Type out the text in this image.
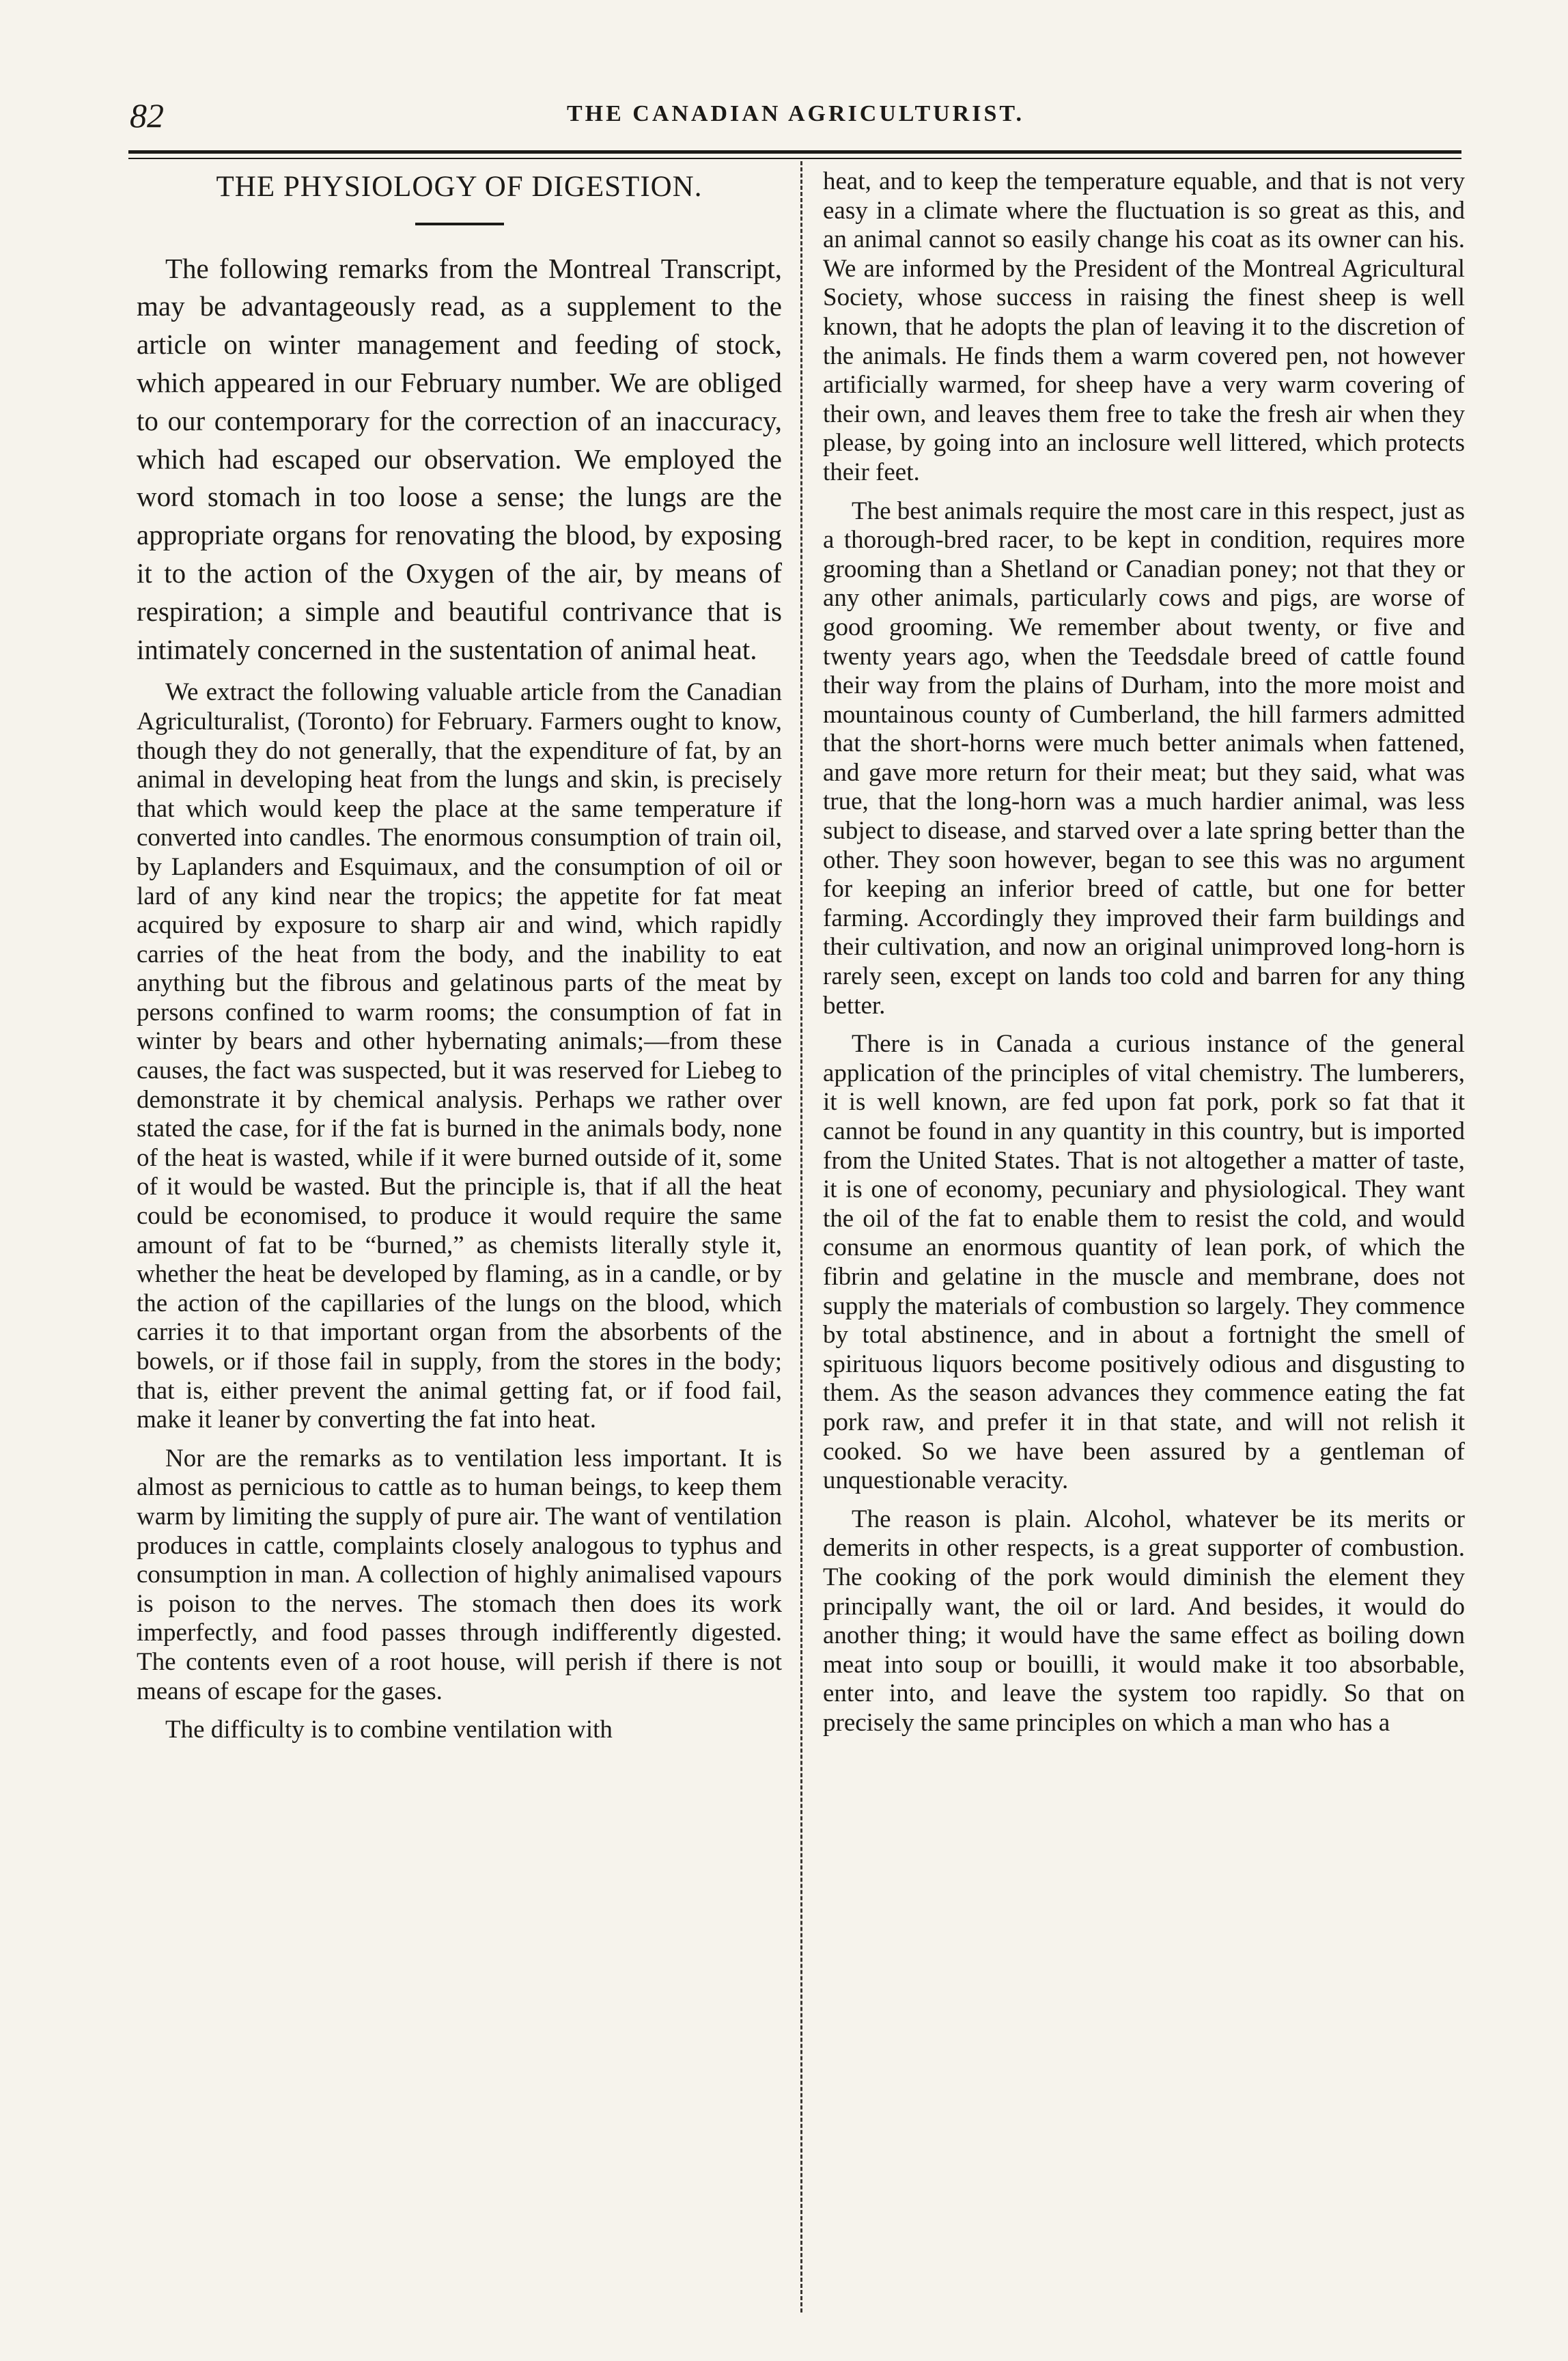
82	THE CANADIAN AGRICULTURIST.
THE PHYSIOLOGY OF DIGESTION.

The following remarks from the Montreal Transcript, may be advantageously read, as a supplement to the article on winter management and feeding of stock, which appeared in our February number. We are obliged to our contemporary for the correction of an inaccuracy, which had escaped our observation. We employed the word stomach in too loose a sense; the lungs are the appropriate organs for renovating the blood, by exposing it to the action of the Oxygen of the air, by means of respiration; a simple and beautiful contrivance that is intimately concerned in the sustentation of animal heat.

We extract the following valuable article from the Canadian Agriculturalist, (Toronto) for February. Farmers ought to know, though they do not generally, that the expenditure of fat, by an animal in developing heat from the lungs and skin, is precisely that which would keep the place at the same temperature if converted into candles. The enormous consumption of train oil, by Laplanders and Esquimaux, and the consumption of oil or lard of any kind near the tropics; the appetite for fat meat acquired by exposure to sharp air and wind, which rapidly carries of the heat from the body, and the inability to eat anything but the fibrous and gelatinous parts of the meat by persons confined to warm rooms; the consumption of fat in winter by bears and other hybernating animals;—from these causes, the fact was suspected, but it was reserved for Liebeg to demonstrate it by chemical analysis. Perhaps we rather over stated the case, for if the fat is burned in the animals body, none of the heat is wasted, while if it were burned outside of it, some of it would be wasted. But the principle is, that if all the heat could be economised, to produce it would require the same amount of fat to be “burned,” as chemists literally style it, whether the heat be developed by flaming, as in a candle, or by the action of the capillaries of the lungs on the blood, which carries it to that important organ from the absorbents of the bowels, or if those fail in supply, from the stores in the body; that is, either prevent the animal getting fat, or if food fail, make it leaner by converting the fat into heat.

Nor are the remarks as to ventilation less important. It is almost as pernicious to cattle as to human beings, to keep them warm by limiting the supply of pure air. The want of ventilation produces in cattle, complaints closely analogous to typhus and consumption in man. A collection of highly animalised vapours is poison to the nerves. The stomach then does its work imperfectly, and food passes through indifferently digested. The contents even of a root house, will perish if there is not means of escape for the gases.

The difficulty is to combine ventilation with

heat, and to keep the temperature equable, and that is not very easy in a climate where the fluctuation is so great as this, and an animal cannot so easily change his coat as its owner can his. We are informed by the President of the Montreal Agricultural Society, whose success in raising the finest sheep is well known, that he adopts the plan of leaving it to the discretion of the animals. He finds them a warm covered pen, not however artificially warmed, for sheep have a very warm covering of their own, and leaves them free to take the fresh air when they please, by going into an inclosure well littered, which protects their feet.

The best animals require the most care in this respect, just as a thorough-bred racer, to be kept in condition, requires more grooming than a Shetland or Canadian poney; not that they or any other animals, particularly cows and pigs, are worse of good grooming. We remember about twenty, or five and twenty years ago, when the Teedsdale breed of cattle found their way from the plains of Durham, into the more moist and mountainous county of Cumberland, the hill farmers admitted that the short-horns were much better animals when fattened, and gave more return for their meat; but they said, what was true, that the long-horn was a much hardier animal, was less subject to disease, and starved over a late spring better than the other. They soon however, began to see this was no argument for keeping an inferior breed of cattle, but one for better farming. Accordingly they improved their farm buildings and their cultivation, and now an original unimproved long-horn is rarely seen, except on lands too cold and barren for any thing better.

There is in Canada a curious instance of the general application of the principles of vital chemistry. The lumberers, it is well known, are fed upon fat pork, pork so fat that it cannot be found in any quantity in this country, but is imported from the United States. That is not altogether a matter of taste, it is one of economy, pecuniary and physiological. They want the oil of the fat to enable them to resist the cold, and would consume an enormous quantity of lean pork, of which the fibrin and gelatine in the muscle and membrane, does not supply the materials of combustion so largely. They commence by total abstinence, and in about a fortnight the smell of spirituous liquors become positively odious and disgusting to them. As the season advances they commence eating the fat pork raw, and prefer it in that state, and will not relish it cooked. So we have been assured by a gentleman of unquestionable veracity.

The reason is plain. Alcohol, whatever be its merits or demerits in other respects, is a great supporter of combustion. The cooking of the pork would diminish the element they principally want, the oil or lard. And besides, it would do another thing; it would have the same effect as boiling down meat into soup or bouilli, it would make it too absorbable, enter into, and leave the system too rapidly. So that on precisely the same principles on which a man who has a
